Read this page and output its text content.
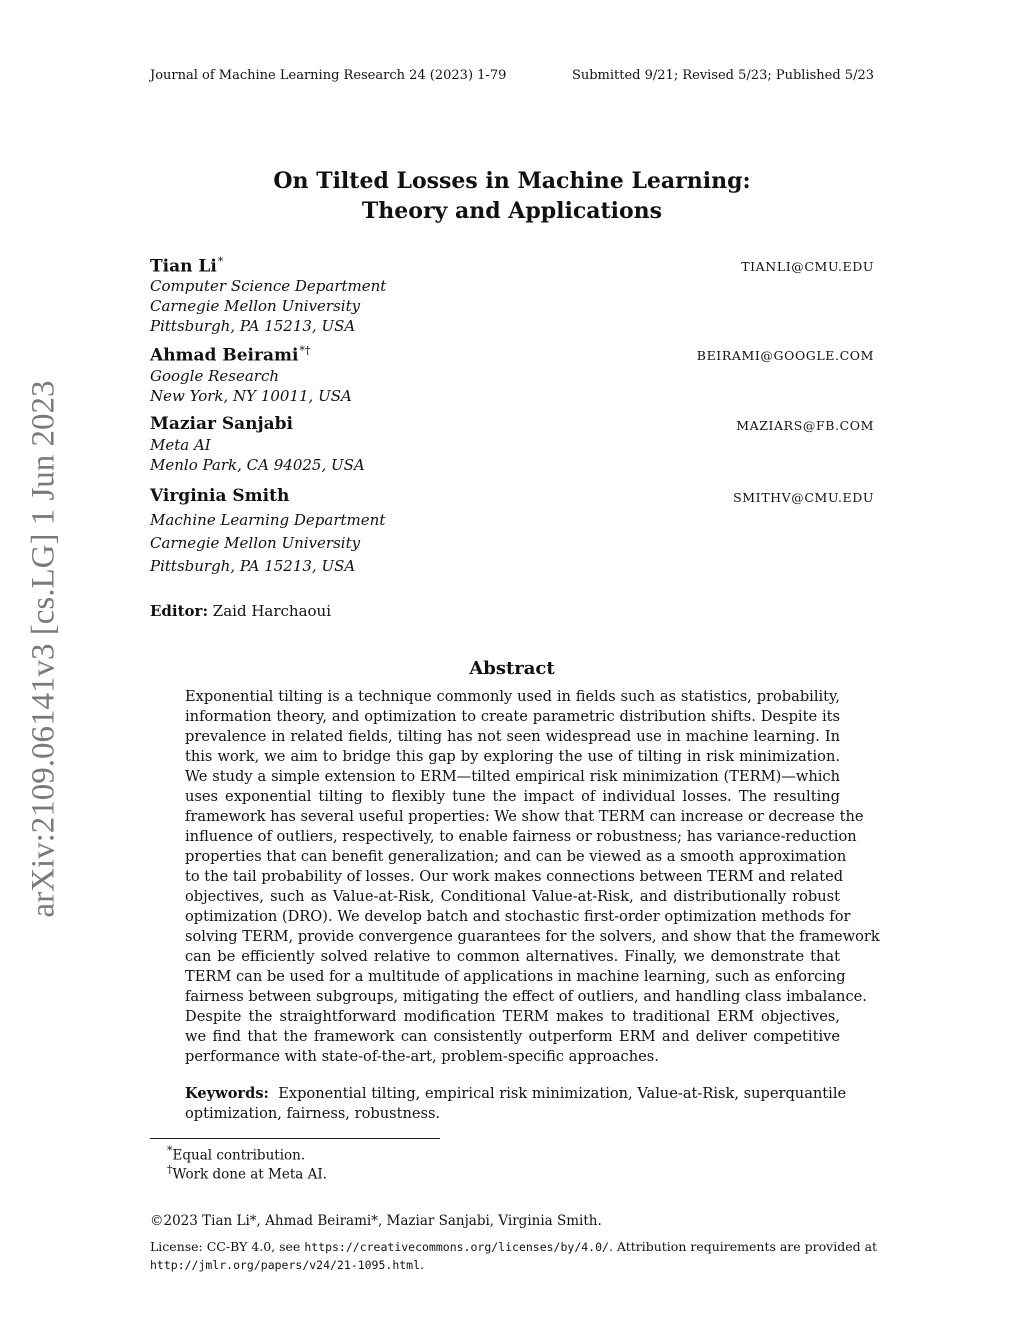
Journal of Machine Learning Research 24 (2023) 1-79	Submitted 9/21; Revised 5/23; Published 5/23
On Tilted Losses in Machine Learning:
Theory and Applications
Tian Li*	TIANLI@CMU.EDU
Computer Science Department
Carnegie Mellon University
Pittsburgh, PA 15213, USA
Ahmad Beirami*†	BEIRAMI@GOOGLE.COM
Google Research
New York, NY 10011, USA
Maziar Sanjabi	MAZIARS@FB.COM
Meta AI
Menlo Park, CA 94025, USA
Virginia Smith	SMITHV@CMU.EDU
Machine Learning Department
Carnegie Mellon University
Pittsburgh, PA 15213, USA
Editor: Zaid Harchaoui
Abstract
Exponential tilting is a technique commonly used in fields such as statistics, probability,
information theory, and optimization to create parametric distribution shifts. Despite its
prevalence in related fields, tilting has not seen widespread use in machine learning. In
this work, we aim to bridge this gap by exploring the use of tilting in risk minimization.
We study a simple extension to ERM—tilted empirical risk minimization (TERM)—which
uses exponential tilting to flexibly tune the impact of individual losses. The resulting
framework has several useful properties: We show that TERM can increase or decrease the
influence of outliers, respectively, to enable fairness or robustness; has variance-reduction
properties that can benefit generalization; and can be viewed as a smooth approximation
to the tail probability of losses. Our work makes connections between TERM and related
objectives, such as Value-at-Risk, Conditional Value-at-Risk, and distributionally robust
optimization (DRO). We develop batch and stochastic first-order optimization methods for
solving TERM, provide convergence guarantees for the solvers, and show that the framework
can be efficiently solved relative to common alternatives. Finally, we demonstrate that
TERM can be used for a multitude of applications in machine learning, such as enforcing
fairness between subgroups, mitigating the effect of outliers, and handling class imbalance.
Despite the straightforward modification TERM makes to traditional ERM objectives,
we find that the framework can consistently outperform ERM and deliver competitive
performance with state-of-the-art, problem-specific approaches.
Keywords: Exponential tilting, empirical risk minimization, Value-at-Risk, superquantile
optimization, fairness, robustness.
*Equal contribution.
†Work done at Meta AI.
©2023 Tian Li*, Ahmad Beirami*, Maziar Sanjabi, Virginia Smith.
License: CC-BY 4.0, see https://creativecommons.org/licenses/by/4.0/. Attribution requirements are provided at
http://jmlr.org/papers/v24/21-1095.html.
arXiv:2109.06141v3 [cs.LG] 1 Jun 2023
